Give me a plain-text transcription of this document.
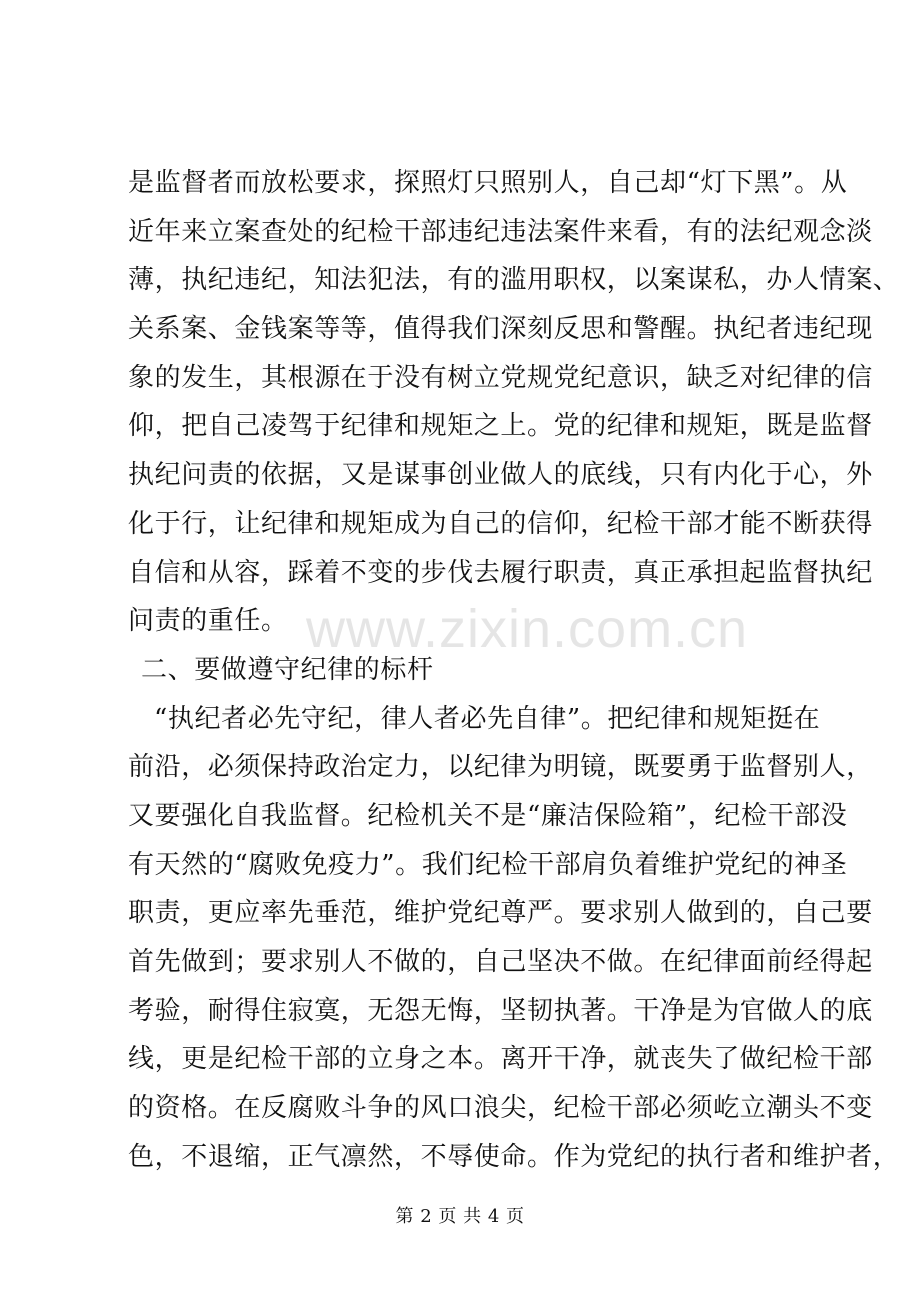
是监督者而放松要求，探照灯只照别人，自己却“灯下黑”。从
近年来立案查处的纪检干部违纪违法案件来看，有的法纪观念淡
薄，执纪违纪，知法犯法，有的滥用职权，以案谋私，办人情案、
关系案、金钱案等等，值得我们深刻反思和警醒。执纪者违纪现
象的发生，其根源在于没有树立党规党纪意识，缺乏对纪律的信
仰，把自己凌驾于纪律和规矩之上。党的纪律和规矩，既是监督
执纪问责的依据，又是谋事创业做人的底线，只有内化于心，外
化于行，让纪律和规矩成为自己的信仰，纪检干部才能不断获得
自信和从容，踩着不变的步伐去履行职责，真正承担起监督执纪
问责的重任。
二、要做遵守纪律的标杆
“执纪者必先守纪，律人者必先自律”。把纪律和规矩挺在
前沿，必须保持政治定力，以纪律为明镜，既要勇于监督别人，
又要强化自我监督。纪检机关不是“廉洁保险箱”，纪检干部没
有天然的“腐败免疫力”。我们纪检干部肩负着维护党纪的神圣
职责，更应率先垂范，维护党纪尊严。要求别人做到的，自己要
首先做到；要求别人不做的，自己坚决不做。在纪律面前经得起
考验，耐得住寂寞，无怨无悔，坚韧执著。干净是为官做人的底
线，更是纪检干部的立身之本。离开干净，就丧失了做纪检干部
的资格。在反腐败斗争的风口浪尖，纪检干部必须屹立潮头不变
色，不退缩，正气凛然，不辱使命。作为党纪的执行者和维护者，
www.zixin.com.cn
第 2 页 共 4 页
